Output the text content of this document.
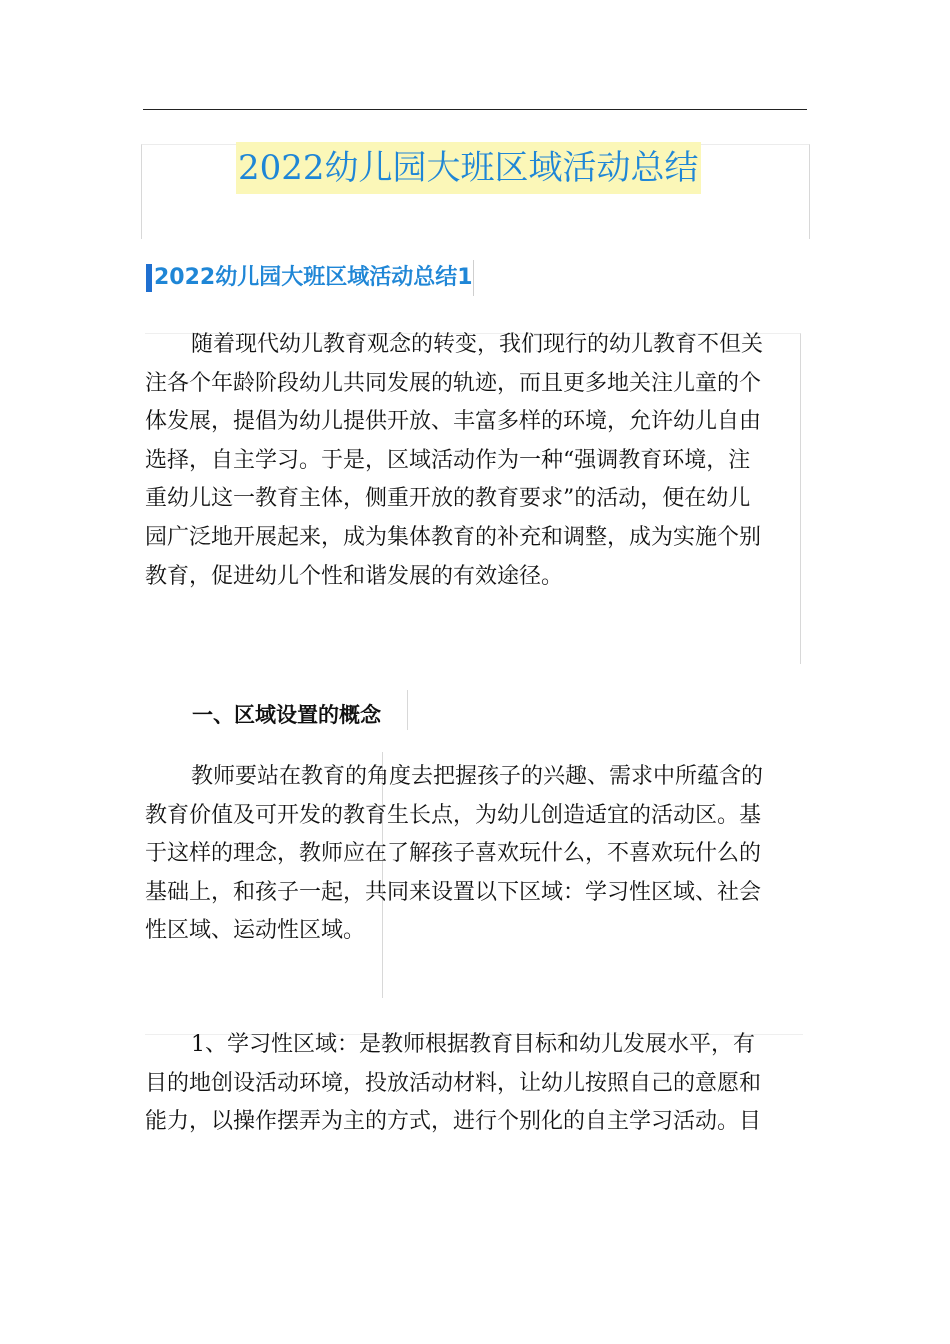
2022幼儿园大班区域活动总结
2022幼儿园大班区域活动总结1
随着现代幼儿教育观念的转变，我们现行的幼儿教育不但关
注各个年龄阶段幼儿共同发展的轨迹，而且更多地关注儿童的个
体发展，提倡为幼儿提供开放、丰富多样的环境，允许幼儿自由
选择，自主学习。于是，区域活动作为一种“强调教育环境，注
重幼儿这一教育主体，侧重开放的教育要求”的活动，便在幼儿
园广泛地开展起来，成为集体教育的补充和调整，成为实施个别
教育，促进幼儿个性和谐发展的有效途径。
一、区域设置的概念
教师要站在教育的角度去把握孩子的兴趣、需求中所蕴含的
教育价值及可开发的教育生长点，为幼儿创造适宜的活动区。基
于这样的理念，教师应在了解孩子喜欢玩什么，不喜欢玩什么的
基础上，和孩子一起，共同来设置以下区域：学习性区域、社会
性区域、运动性区域。
1、学习性区域：是教师根据教育目标和幼儿发展水平，有
目的地创设活动环境，投放活动材料，让幼儿按照自己的意愿和
能力，以操作摆弄为主的方式，进行个别化的自主学习活动。目
